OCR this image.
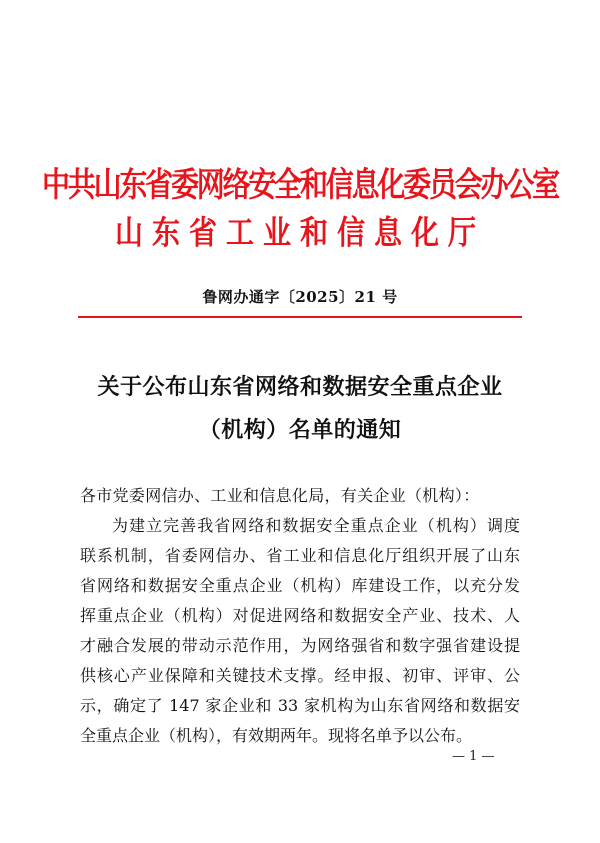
中共山东省委网络安全和信息化委员会办公室
山东省工业和信息化厅
鲁网办通字〔2025〕21 号
关于公布山东省网络和数据安全重点企业
（机构）名单的通知
各市党委网信办、工业和信息化局，有关企业（机构）：
为建立完善我省网络和数据安全重点企业（机构）调度
联系机制，省委网信办、省工业和信息化厅组织开展了山东
省网络和数据安全重点企业（机构）库建设工作，以充分发
挥重点企业（机构）对促进网络和数据安全产业、技术、人
才融合发展的带动示范作用，为网络强省和数字强省建设提
供核心产业保障和关键技术支撑。经申报、初审、评审、公
示，确定了 147 家企业和 33 家机构为山东省网络和数据安
全重点企业（机构），有效期两年。现将名单予以公布。
— 1 —
